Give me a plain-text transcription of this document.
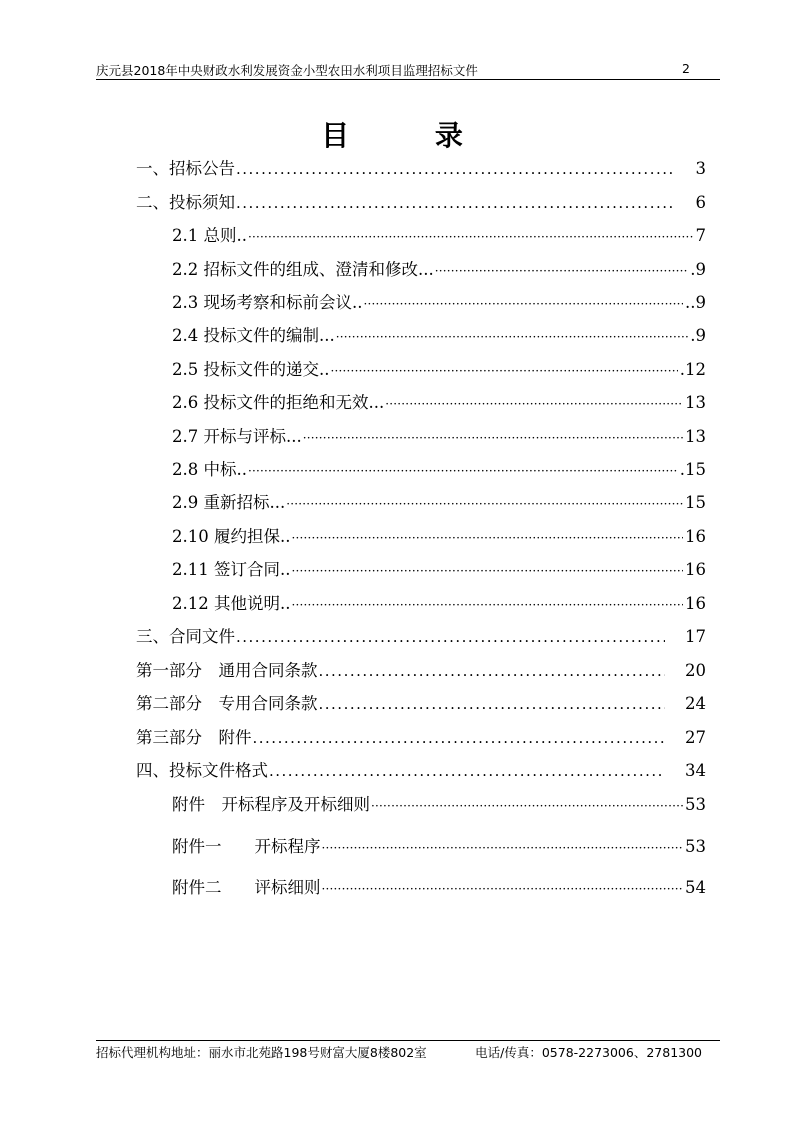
庆元县2018年中央财政水利发展资金小型农田水利项目监理招标文件	2
目 录
一、招标公告 .....	3
二、投标须知 .....	6
2.1 总则.. ·····	7
2.2 招标文件的组成、澄清和修改... ·····	.9
2.3 现场考察和标前会议.. ·····	..9
2.4 投标文件的编制... ·····	.9
2.5 投标文件的递交.. ·····	.12
2.6 投标文件的拒绝和无效... ·····	13
2.7 开标与评标... ·····	13
2.8 中标.. ·····	.15
2.9 重新招标... ·····	15
2.10 履约担保.. ·····	16
2.11 签订合同.. ·····	16
2.12 其他说明.. ·····	16
三、合同文件 .....	17
第一部分　通用合同条款 .....	20
第二部分　专用合同条款 .....	24
第三部分　附件 .....	27
四、投标文件格式 .....	34
附件　开标程序及开标细则 ·····	53
附件一　　开标程序 ·····	53
附件二　　评标细则 ·····	54
招标代理机构地址：丽水市北苑路198号财富大厦8楼802室	电话/传真：0578-2273006、2781300
